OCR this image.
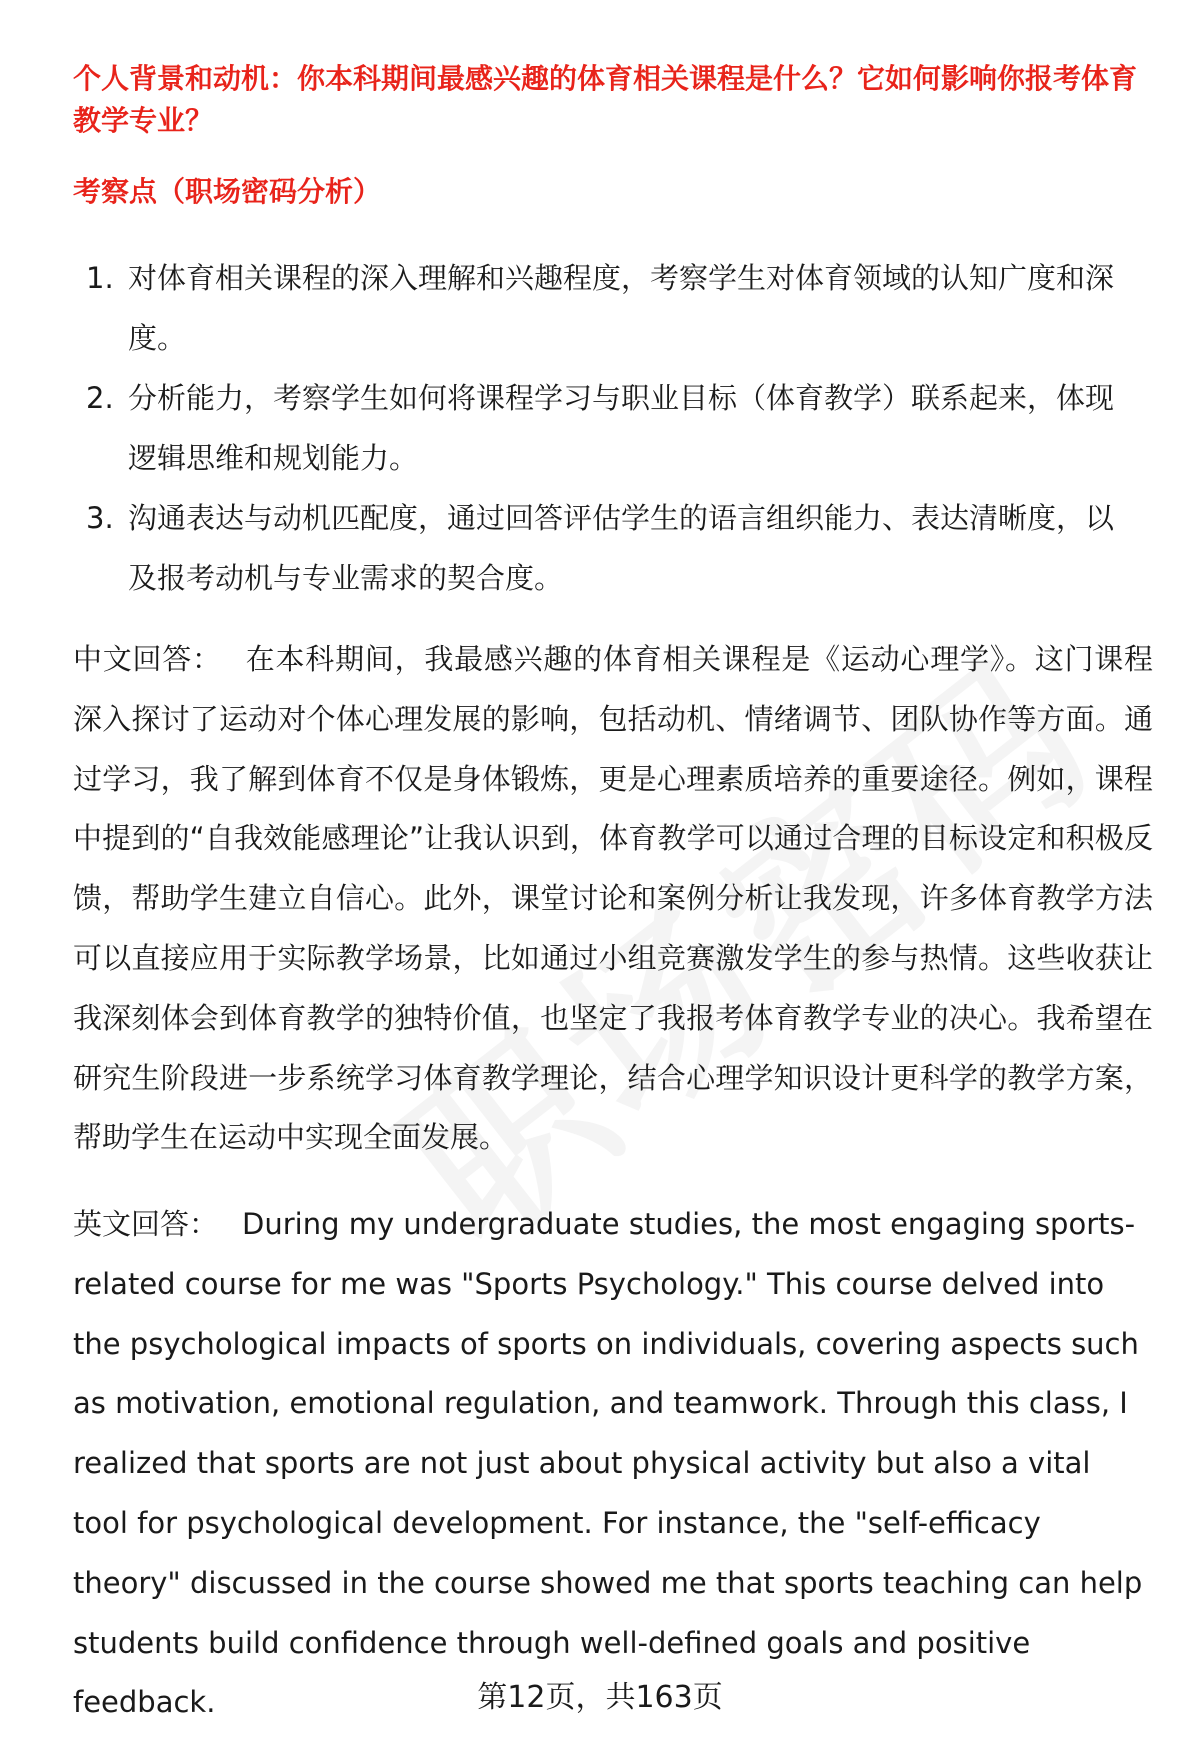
个人背景和动机：你本科期间最感兴趣的体育相关课程是什么？它如何影响你报考体育教学专业？
考察点（职场密码分析）
1. 对体育相关课程的深入理解和兴趣程度，考察学生对体育领域的认知广度和深度。
2. 分析能力，考察学生如何将课程学习与职业目标（体育教学）联系起来，体现逻辑思维和规划能力。
3. 沟通表达与动机匹配度，通过回答评估学生的语言组织能力、表达清晰度，以及报考动机与专业需求的契合度。
中文回答： 在本科期间，我最感兴趣的体育相关课程是《运动心理学》。这门课程深入探讨了运动对个体心理发展的影响，包括动机、情绪调节、团队协作等方面。通过学习，我了解到体育不仅是身体锻炼，更是心理素质培养的重要途径。例如，课程中提到的“自我效能感理论”让我认识到，体育教学可以通过合理的目标设定和积极反馈，帮助学生建立自信心。此外，课堂讨论和案例分析让我发现，许多体育教学方法可以直接应用于实际教学场景，比如通过小组竞赛激发学生的参与热情。这些收获让我深刻体会到体育教学的独特价值，也坚定了我报考体育教学专业的决心。我希望在研究生阶段进一步系统学习体育教学理论，结合心理学知识设计更科学的教学方案，帮助学生在运动中实现全面发展。
英文回答： During my undergraduate studies, the most engaging sports-related course for me was "Sports Psychology." This course delved into the psychological impacts of sports on individuals, covering aspects such as motivation, emotional regulation, and teamwork. Through this class, I realized that sports are not just about physical activity but also a vital tool for psychological development. For instance, the "self-efficacy theory" discussed in the course showed me that sports teaching can help students build confidence through well-defined goals and positive feedback.	第12页，共163页
